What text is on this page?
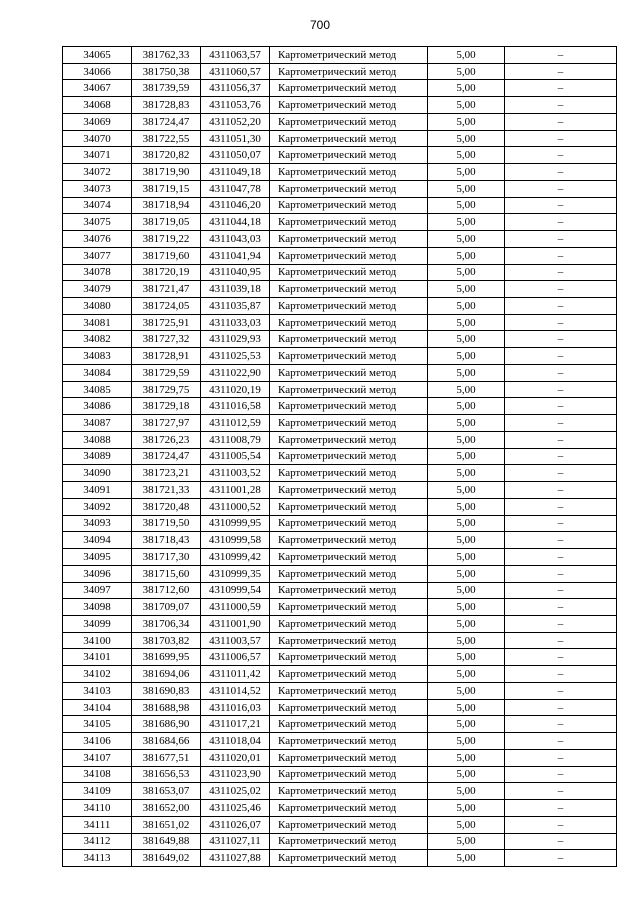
700
34065	381762,33	4311063,57	Картометрический метод	5,00	–
34066	381750,38	4311060,57	Картометрический метод	5,00	–
34067	381739,59	4311056,37	Картометрический метод	5,00	–
34068	381728,83	4311053,76	Картометрический метод	5,00	–
34069	381724,47	4311052,20	Картометрический метод	5,00	–
34070	381722,55	4311051,30	Картометрический метод	5,00	–
34071	381720,82	4311050,07	Картометрический метод	5,00	–
34072	381719,90	4311049,18	Картометрический метод	5,00	–
34073	381719,15	4311047,78	Картометрический метод	5,00	–
34074	381718,94	4311046,20	Картометрический метод	5,00	–
34075	381719,05	4311044,18	Картометрический метод	5,00	–
34076	381719,22	4311043,03	Картометрический метод	5,00	–
34077	381719,60	4311041,94	Картометрический метод	5,00	–
34078	381720,19	4311040,95	Картометрический метод	5,00	–
34079	381721,47	4311039,18	Картометрический метод	5,00	–
34080	381724,05	4311035,87	Картометрический метод	5,00	–
34081	381725,91	4311033,03	Картометрический метод	5,00	–
34082	381727,32	4311029,93	Картометрический метод	5,00	–
34083	381728,91	4311025,53	Картометрический метод	5,00	–
34084	381729,59	4311022,90	Картометрический метод	5,00	–
34085	381729,75	4311020,19	Картометрический метод	5,00	–
34086	381729,18	4311016,58	Картометрический метод	5,00	–
34087	381727,97	4311012,59	Картометрический метод	5,00	–
34088	381726,23	4311008,79	Картометрический метод	5,00	–
34089	381724,47	4311005,54	Картометрический метод	5,00	–
34090	381723,21	4311003,52	Картометрический метод	5,00	–
34091	381721,33	4311001,28	Картометрический метод	5,00	–
34092	381720,48	4311000,52	Картометрический метод	5,00	–
34093	381719,50	4310999,95	Картометрический метод	5,00	–
34094	381718,43	4310999,58	Картометрический метод	5,00	–
34095	381717,30	4310999,42	Картометрический метод	5,00	–
34096	381715,60	4310999,35	Картометрический метод	5,00	–
34097	381712,60	4310999,54	Картометрический метод	5,00	–
34098	381709,07	4311000,59	Картометрический метод	5,00	–
34099	381706,34	4311001,90	Картометрический метод	5,00	–
34100	381703,82	4311003,57	Картометрический метод	5,00	–
34101	381699,95	4311006,57	Картометрический метод	5,00	–
34102	381694,06	4311011,42	Картометрический метод	5,00	–
34103	381690,83	4311014,52	Картометрический метод	5,00	–
34104	381688,98	4311016,03	Картометрический метод	5,00	–
34105	381686,90	4311017,21	Картометрический метод	5,00	–
34106	381684,66	4311018,04	Картометрический метод	5,00	–
34107	381677,51	4311020,01	Картометрический метод	5,00	–
34108	381656,53	4311023,90	Картометрический метод	5,00	–
34109	381653,07	4311025,02	Картометрический метод	5,00	–
34110	381652,00	4311025,46	Картометрический метод	5,00	–
34111	381651,02	4311026,07	Картометрический метод	5,00	–
34112	381649,88	4311027,11	Картометрический метод	5,00	–
34113	381649,02	4311027,88	Картометрический метод	5,00	–
